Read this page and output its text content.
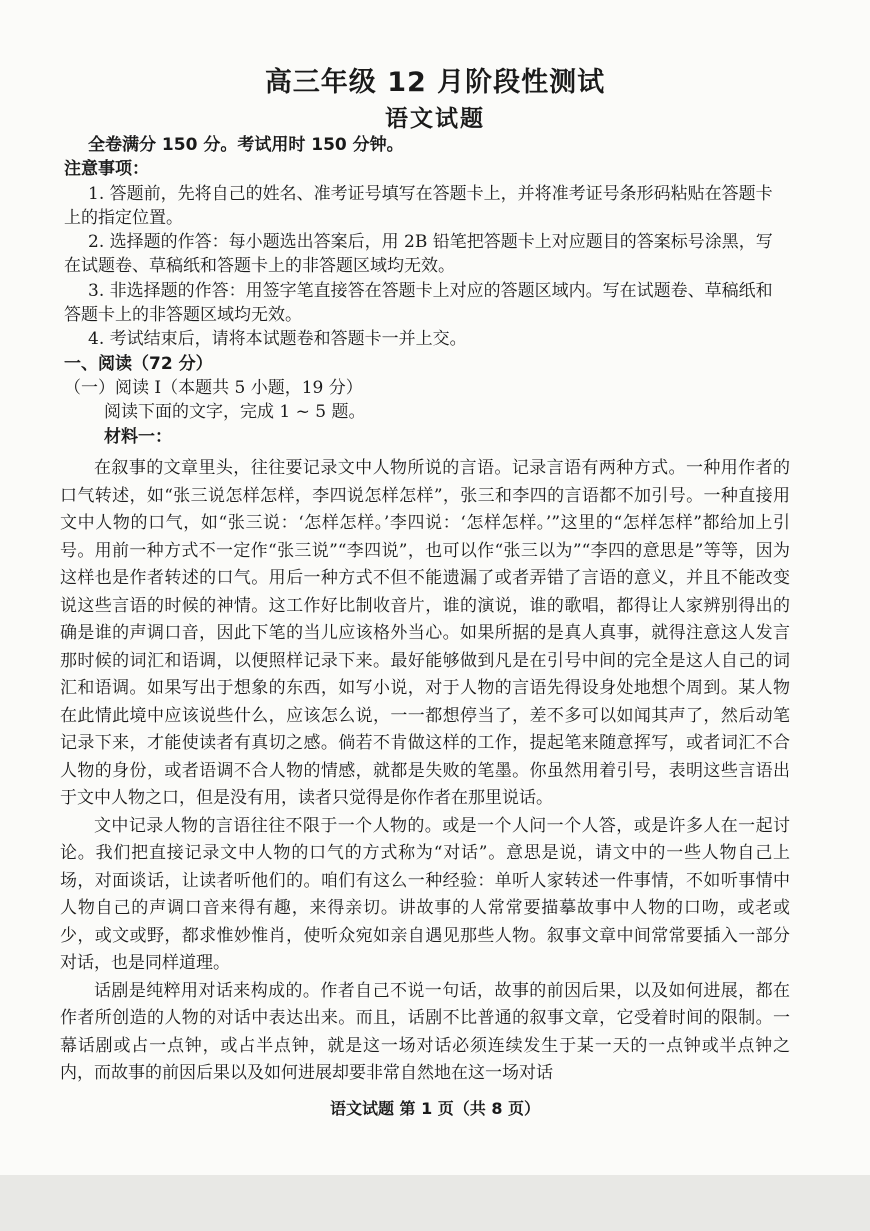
高三年级 12 月阶段性测试
语文试题
全卷满分 150 分。考试用时 150 分钟。
注意事项：
1. 答题前，先将自己的姓名、准考证号填写在答题卡上，并将准考证号条形码粘贴在答题卡上的指定位置。
2. 选择题的作答：每小题选出答案后，用 2B 铅笔把答题卡上对应题目的答案标号涂黑，写在试题卷、草稿纸和答题卡上的非答题区域均无效。
3. 非选择题的作答：用签字笔直接答在答题卡上对应的答题区域内。写在试题卷、草稿纸和答题卡上的非答题区域均无效。
4. 考试结束后，请将本试题卷和答题卡一并上交。
一、阅读（72 分）
（一）阅读 I（本题共 5 小题，19 分）
阅读下面的文字，完成 1 ~ 5 题。
材料一：

在叙事的文章里头，往往要记录文中人物所说的言语。记录言语有两种方式。一种用作者的口气转述，如“张三说怎样怎样，李四说怎样怎样”，张三和李四的言语都不加引号。一种直接用文中人物的口气，如“张三说：‘怎样怎样。’李四说：‘怎样怎样。’”这里的“怎样怎样”都给加上引号。用前一种方式不一定作“张三说”“李四说”，也可以作“张三以为”“李四的意思是”等等，因为这样也是作者转述的口气。用后一种方式不但不能遗漏了或者弄错了言语的意义，并且不能改变说这些言语的时候的神情。这工作好比制收音片，谁的演说，谁的歌唱，都得让人家辨别得出的确是谁的声调口音，因此下笔的当儿应该格外当心。如果所据的是真人真事，就得注意这人发言那时候的词汇和语调，以便照样记录下来。最好能够做到凡是在引号中间的完全是这人自己的词汇和语调。如果写出于想象的东西，如写小说，对于人物的言语先得设身处地想个周到。某人物在此情此境中应该说些什么，应该怎么说，一一都想停当了，差不多可以如闻其声了，然后动笔记录下来，才能使读者有真切之感。倘若不肯做这样的工作，提起笔来随意挥写，或者词汇不合人物的身份，或者语调不合人物的情感，就都是失败的笔墨。你虽然用着引号，表明这些言语出于文中人物之口，但是没有用，读者只觉得是你作者在那里说话。

文中记录人物的言语往往不限于一个人物的。或是一个人问一个人答，或是许多人在一起讨论。我们把直接记录文中人物的口气的方式称为“对话”。意思是说，请文中的一些人物自己上场，对面谈话，让读者听他们的。咱们有这么一种经验：单听人家转述一件事情，不如听事情中人物自己的声调口音来得有趣，来得亲切。讲故事的人常常要描摹故事中人物的口吻，或老或少，或文或野，都求惟妙惟肖，使听众宛如亲自遇见那些人物。叙事文章中间常常要插入一部分对话，也是同样道理。

话剧是纯粹用对话来构成的。作者自己不说一句话，故事的前因后果，以及如何进展，都在作者所创造的人物的对话中表达出来。而且，话剧不比普通的叙事文章，它受着时间的限制。一幕话剧或占一点钟，或占半点钟，就是这一场对话必须连续发生于某一天的一点钟或半点钟之内，而故事的前因后果以及如何进展却要非常自然地在这一场对话

语文试题 第 1 页（共 8 页）
